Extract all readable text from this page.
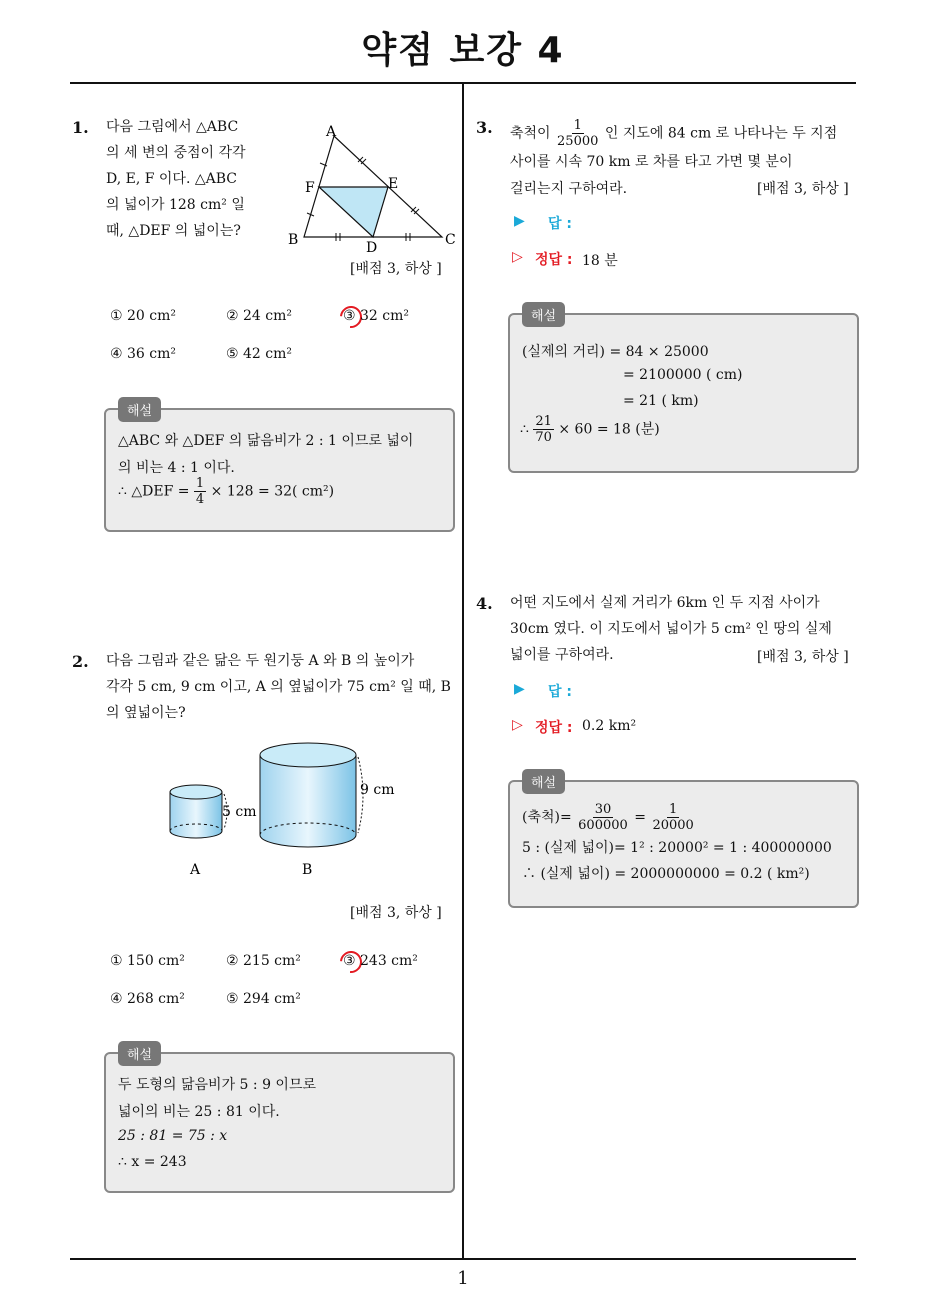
약점 보강 4
1
1. 다음 그림에서 △ABC
의 세 변의 중점이 각각
D, E, F 이다. △ABC
의 넓이가 128 cm² 일
때, △DEF 의 넓이는?
A
B	C
D
E
F
[배점 3, 하상 ]
① 20 cm²	② 24 cm²	③ 32 cm²
④ 36 cm²	⑤ 42 cm²
해설
△ABC 와 △DEF 의 닮음비가 2 : 1 이므로 넓이
의 비는 4 : 1 이다.
∴ △DEF = $\frac{1}{4} \times 128 = 32$( cm²)
2. 다음 그림과 같은 닮은 두 원기둥 A 와 B 의 높이가
각각 5 cm, 9 cm 이고, A 의 옆넓이가 75 cm² 일 때, B
의 옆넓이는?
5 cm
9 cm
A	B
[배점 3, 하상 ]
① 150 cm²	② 215 cm²	③ 243 cm²
④ 268 cm²	⑤ 294 cm²
해설
두 도형의 닮음비가 5 : 9 이므로
넓이의 비는 25 : 81 이다.
25 : 81 = 75 : x
∴ x = 243
3. 축척이 $\frac{1}{25000}$ 인 지도에 84 cm 로 나타나는 두 지점
사이를 시속 70 km 로 차를 타고 가면 몇 분이
걸리는지 구하여라.	[배점 3, 하상 ]
▶ 답 :
▷ 정답 : 18 분
해설
(실제의 거리) = 84 × 25000
= 2100000 ( cm)
= 21 ( km)
∴ $\frac{21}{70} \times 60 = 18$ (분)
4. 어떤 지도에서 실제 거리가 6km 인 두 지점 사이가
30cm 였다. 이 지도에서 넓이가 5 cm² 인 땅의 실제
넓이를 구하여라.	[배점 3, 하상 ]
▶ 답 :
▷ 정답 : 0.2 km²
해설
(축척)= $\frac{30}{600000} = \frac{1}{20000}$
5 : (실제 넓이)= 1² : 20000² = 1 : 400000000
∴ (실제 넓이) = 2000000000 = 0.2 ( km²)
